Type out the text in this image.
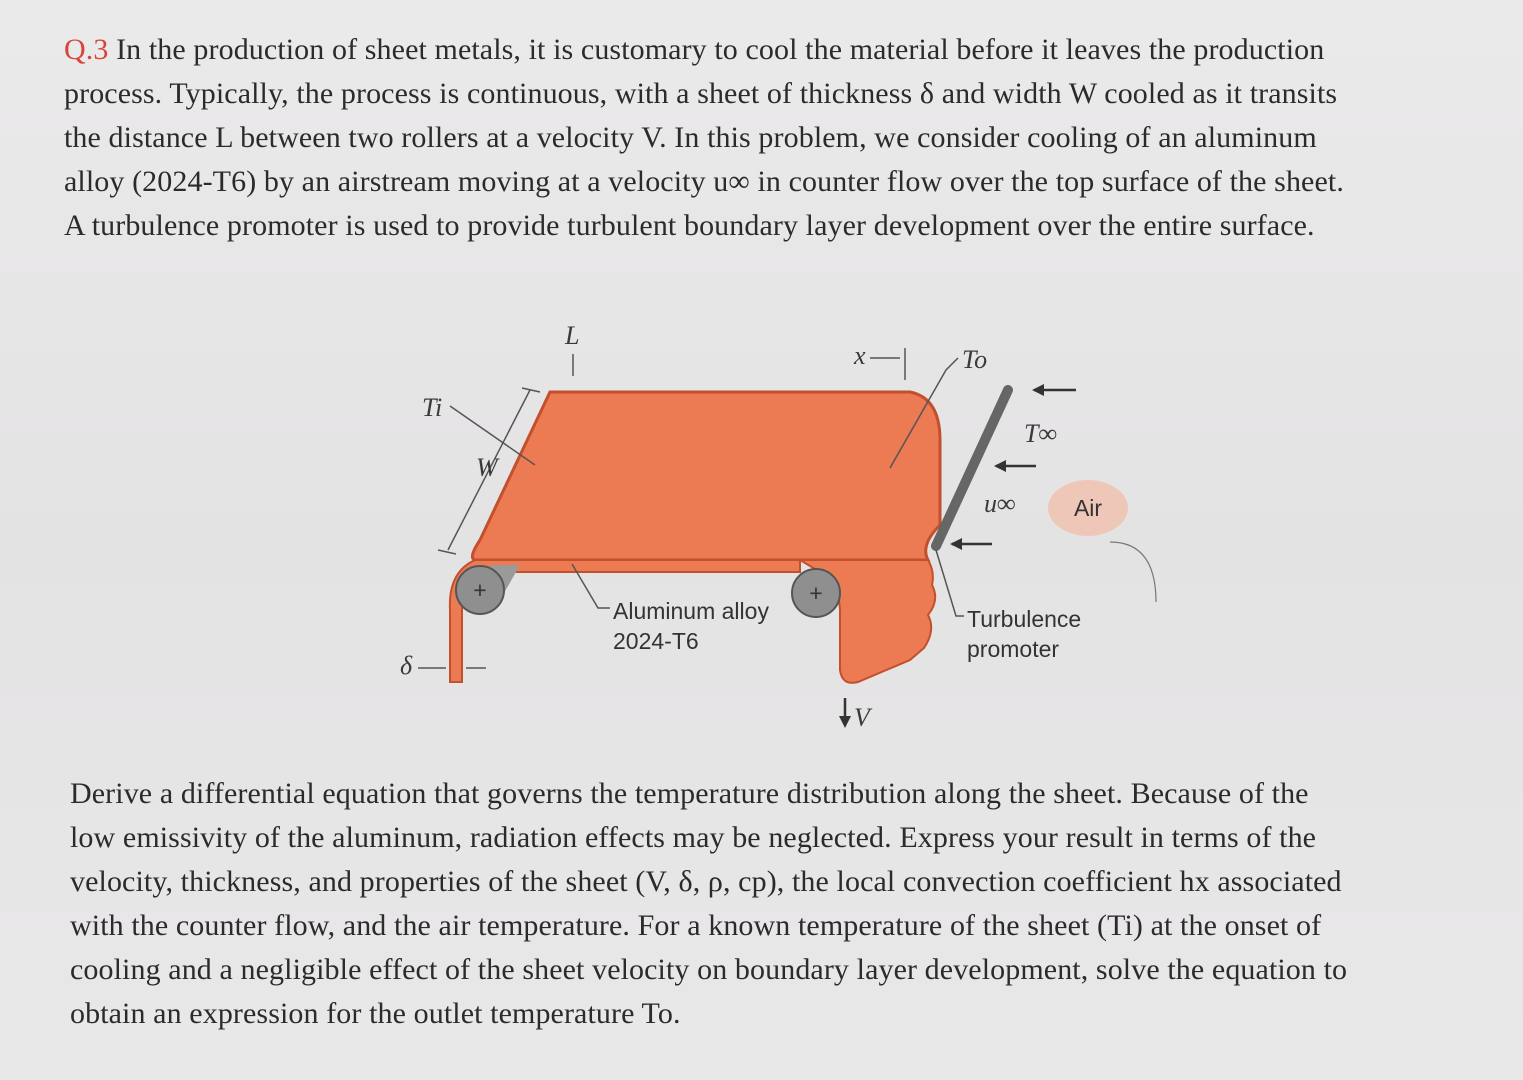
Q.3 In the production of sheet metals, it is customary to cool the material before it leaves the production
process. Typically, the process is continuous, with a sheet of thickness δ and width W cooled as it transits
the distance L between two rollers at a velocity V. In this problem, we consider cooling of an aluminum
alloy (2024-T6) by an airstream moving at a velocity u∞ in counter flow over the top surface of the sheet.
A turbulence promoter is used to provide turbulent boundary layer development over the entire surface.
+	+
L
Ti
W
δ
x	To
T∞
u∞	Air
V
Aluminum alloy
2024-T6
Turbulence
promoter
Derive a differential equation that governs the temperature distribution along the sheet. Because of the
low emissivity of the aluminum, radiation effects may be neglected. Express your result in terms of the
velocity, thickness, and properties of the sheet (V, δ, ρ, cp), the local convection coefficient hx associated
with the counter flow, and the air temperature. For a known temperature of the sheet (Ti) at the onset of
cooling and a negligible effect of the sheet velocity on boundary layer development, solve the equation to
obtain an expression for the outlet temperature To.
